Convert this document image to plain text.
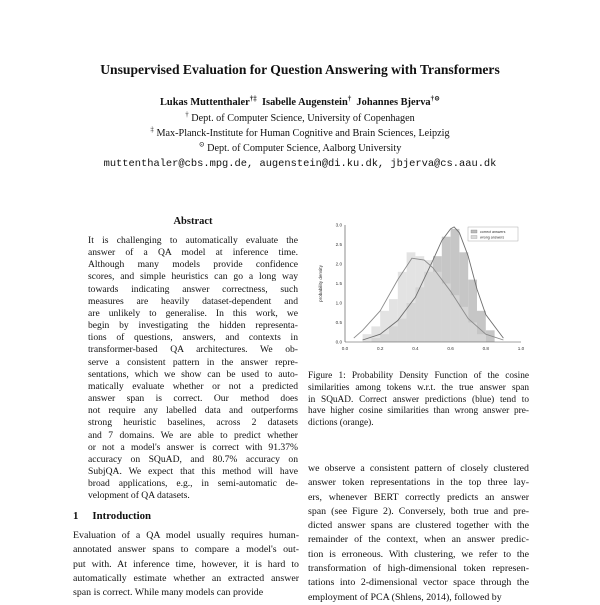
Unsupervised Evaluation for Question Answering with Transformers
Lukas Muttenthaler†‡ Isabelle Augenstein† Johannes Bjerva†⊙
† Dept. of Computer Science, University of Copenhagen
‡ Max-Planck-Institute for Human Cognitive and Brain Sciences, Leipzig
⊙ Dept. of Computer Science, Aalborg University
muttenthaler@cbs.mpg.de, augenstein@di.ku.dk, jbjerva@cs.aau.dk
Abstract
It is challenging to automatically evaluate the
answer of a QA model at inference time.
Although many models provide confidence
scores, and simple heuristics can go a long way
towards indicating answer correctness, such
measures are heavily dataset-dependent and
are unlikely to generalise. In this work, we
begin by investigating the hidden representa-
tions of questions, answers, and contexts in
transformer-based QA architectures. We ob-
serve a consistent pattern in the answer repre-
sentations, which we show can be used to auto-
matically evaluate whether or not a predicted
answer span is correct. Our method does
not require any labelled data and outperforms
strong heuristic baselines, across 2 datasets
and 7 domains. We are able to predict whether
or not a model's answer is correct with 91.37%
accuracy on SQuAD, and 80.7% accuracy on
SubjQA. We expect that this method will have
broad applications, e.g., in semi-automatic de-
velopment of QA datasets.
1 Introduction
Evaluation of a QA model usually requires human-
annotated answer spans to compare a model's out-
put with. At inference time, however, it is hard to
automatically estimate whether an extracted answer
span is correct. While many models can provide
0.0	0.2	0.4	0.6	0.8	1.0
0.0
0.5
1.0
1.5
2.0
2.5
3.0
probability density
correct answers
wrong answers
Figure 1: Probability Density Function of the cosine
similarities among tokens w.r.t. the true answer span
in SQuAD. Correct answer predictions (blue) tend to
have higher cosine similarities than wrong answer pre-
dictions (orange).
we observe a consistent pattern of closely clustered
answer token representations in the top three lay-
ers, whenever BERT correctly predicts an answer
span (see Figure 2). Conversely, both true and pre-
dicted answer spans are clustered together with the
remainder of the context, when an answer predic-
tion is erroneous. With clustering, we refer to the
transformation of high-dimensional token represen-
tations into 2-dimensional vector space through the
employment of PCA (Shlens, 2014), followed by
